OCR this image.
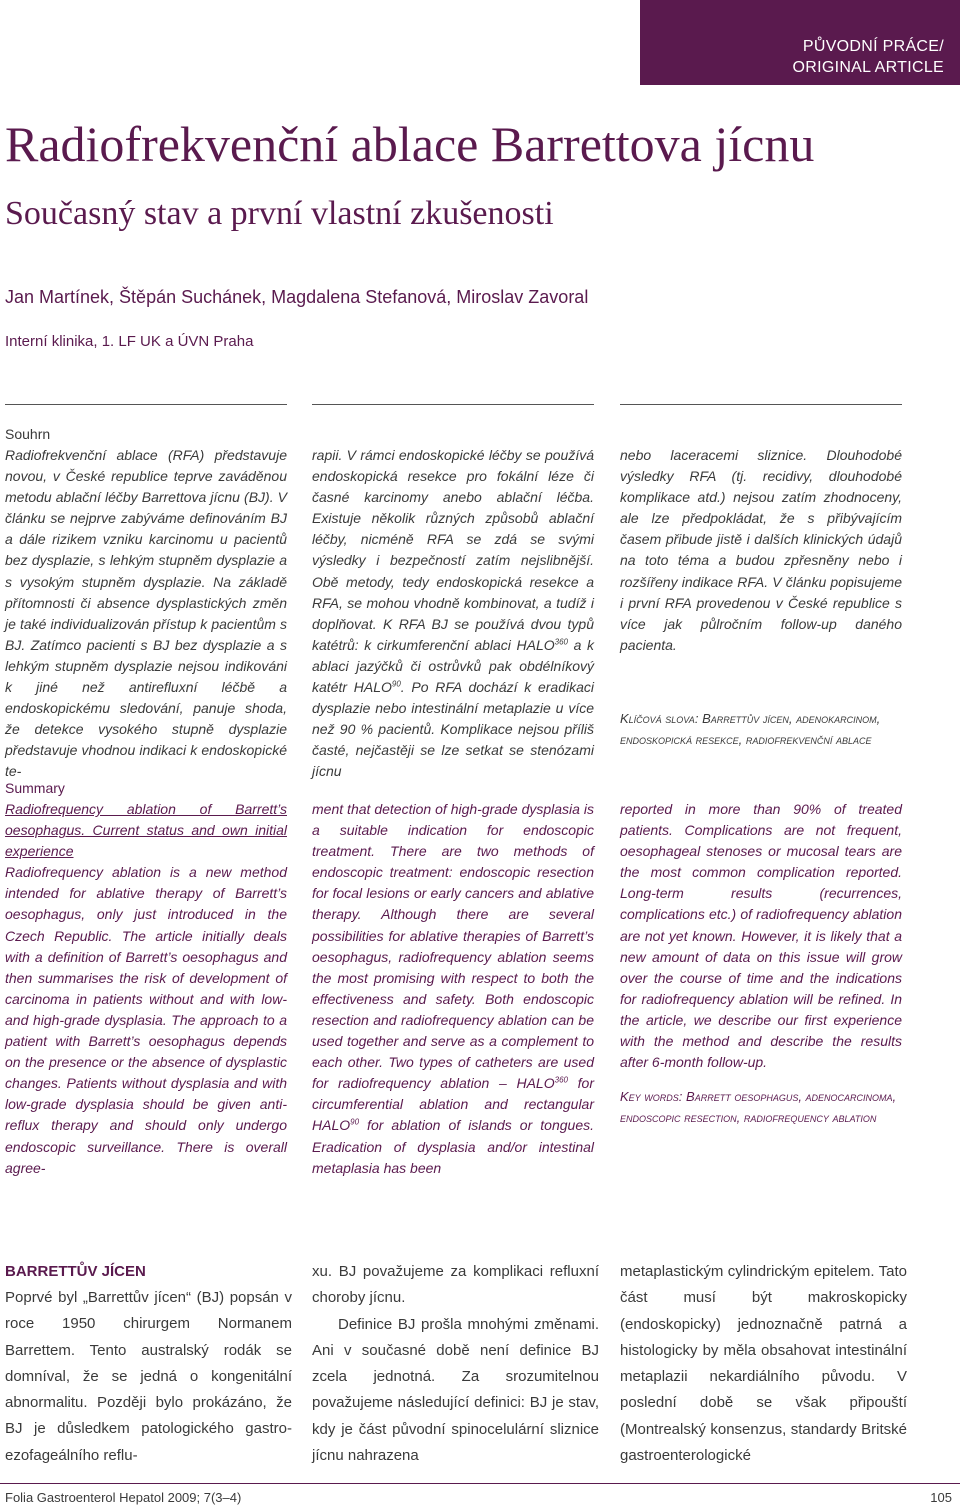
PŮVODNÍ PRÁCE/
ORIGINAL ARTICLE
Radiofrekvenční ablace Barrettova jícnu
Současný stav a první vlastní zkušenosti
Jan Martínek, Štěpán Suchánek, Magdalena Stefanová, Miroslav Zavoral
Interní klinika, 1. LF UK a ÚVN Praha

Souhrn

Radiofrekvenční ablace (RFA) představuje novou, v České republice teprve zaváděnou metodu ablační léčby Barrettova jícnu (BJ). V článku se nejprve zabýváme definováním BJ a dále rizikem vzniku karcinomu u pacientů bez dysplazie, s lehkým stupněm dysplazie a s vysokým stupněm dysplazie. Na základě přítomnosti či absence dysplastických změn je také individualizován přístup k pacientům s BJ. Zatímco pacienti s BJ bez dysplazie a s lehkým stupněm dysplazie nejsou indikováni k jiné než antirefluxní léčbě a endoskopickému sledování, panuje shoda, že detekce vysokého stupně dysplazie představuje vhodnou indikaci k endoskopické te-

rapii. V rámci endoskopické léčby se používá endoskopická resekce pro fokální léze či časné karcinomy anebo ablační léčba. Existuje několik různých způsobů ablační léčby, nicméně RFA se zdá se svými výsledky i bezpečností zatím nejslibnější. Obě metody, tedy endoskopická resekce a RFA, se mohou vhodně kombinovat, a tudíž i doplňovat. K RFA BJ se používá dvou typů katétrů: k cirkumferenční ablaci HALO$^{360}$ a k ablaci jazýčků či ostrůvků pak obdélníkový katétr HALO$^{90}$. Po RFA dochází k eradikaci dysplazie nebo intestinální metaplazie u více než 90 % pacientů. Komplikace nejsou příliš časté, nejčastěji se lze setkat se stenózami jícnu

nebo laceracemi sliznice. Dlouhodobé výsledky RFA (tj. recidivy, dlouhodobé komplikace atd.) nejsou zatím zhodnoceny, ale lze předpokládat, že s přibývajícím časem přibude jistě i dalších klinických údajů na toto téma a budou zpřesněny nebo i rozšířeny indikace RFA. V článku popisujeme i první RFA provedenou v České republice s více jak půlročním follow-up daného pacienta.

Klíčová slova: Barrettův jícen, adenokarcinom, endoskopická resekce, radiofrekvenční ablace

Summary

Radiofrequency ablation of Barrett’s oesophagus. Current status and own initial experience

Radiofrequency ablation is a new method intended for ablative therapy of Barrett’s oesophagus, only just introduced in the Czech Republic. The article initially deals with a definition of Barrett’s oesophagus and then summarises the risk of development of carcinoma in patients without and with low- and high-grade dysplasia. The approach to a patient with Barrett’s oesophagus depends on the presence or the absence of dysplastic changes. Patients without dysplasia and with low-grade dysplasia should be given anti-reflux therapy and should only undergo endoscopic surveillance. There is overall agree-

ment that detection of high-grade dysplasia is a suitable indication for endoscopic treatment. There are two methods of endoscopic treatment: endoscopic resection for focal lesions or early cancers and ablative therapy. Although there are several possibilities for ablative therapies of Barrett’s oesophagus, radiofrequency ablation seems the most promising with respect to both the effectiveness and safety. Both endoscopic resection and radiofrequency ablation can be used together and serve as a complement to each other. Two types of catheters are used for radiofrequency ablation – HALO$^{360}$ for circumferential ablation and rectangular HALO$^{90}$ for ablation of islands or tongues. Eradication of dysplasia and/or intestinal metaplasia has been

reported in more than 90% of treated patients. Complications are not frequent, oesophageal stenoses or mucosal tears are the most common complication reported. Long-term results (recurrences, complications etc.) of radiofrequency ablation are not yet known. However, it is likely that a new amount of data on this issue will grow over the course of time and the indications for radiofrequency ablation will be refined. In the article, we describe our first experience with the method and describe the results after 6-month follow-up.

Key words: Barrett oesophagus, adenocarcinoma, endoscopic resection, radiofrequency ablation

BARRETTŮV JÍCEN

Poprvé byl „Barrettův jícen“ (BJ) popsán v roce 1950 chirurgem Normanem Barrettem. Tento australský rodák se domníval, že se jedná o kongenitální abnormalitu. Později bylo prokázáno, že BJ je důsledkem patologického gastro-ezofageálního reflu-

xu. BJ považujeme za komplikaci refluxní choroby jícnu.

Definice BJ prošla mnohými změnami. Ani v současné době není definice BJ zcela jednotná. Za srozumitelnou považujeme následující definici: BJ je stav, kdy je část původní spinocelulární sliznice jícnu nahrazena

metaplastickým cylindrickým epitelem. Tato část musí být makroskopicky (endoskopicky) jednoznačně patrná a histologicky by měla obsahovat intestinální metaplazii nekardiálního původu. V poslední době se však připouští (Montrealský konsenzus, standardy Britské gastroenterologické

Folia Gastroenterol Hepatol 2009; 7(3–4)	105
